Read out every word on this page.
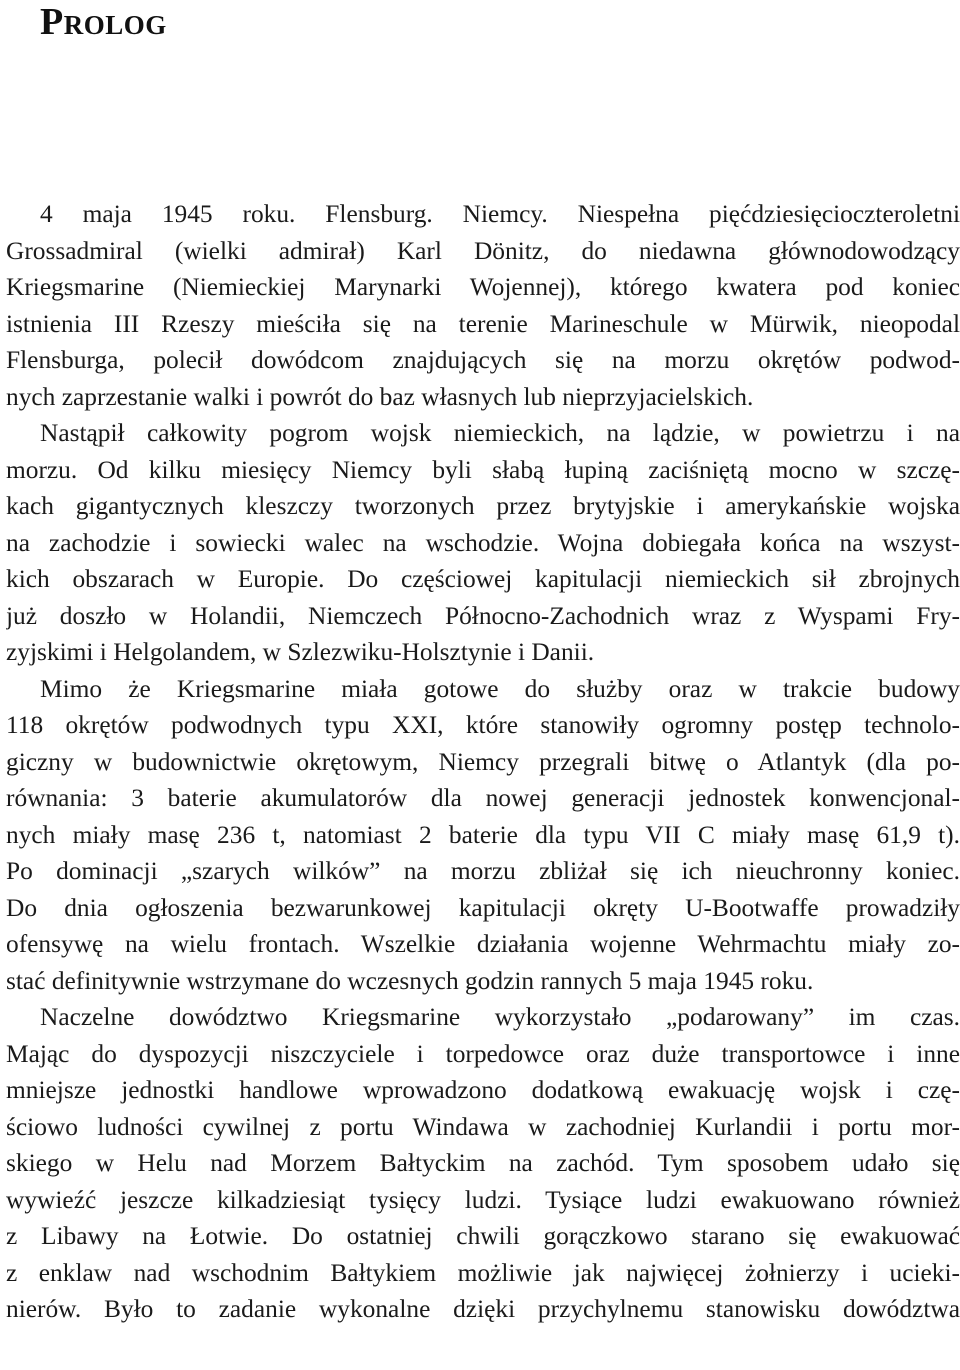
Prolog

4 maja 1945 roku. Flensburg. Niemcy. Niespełna pięćdziesięcioczteroletni
Grossadmiral (wielki admirał) Karl Dönitz, do niedawna głównodowodzący
Kriegsmarine (Niemieckiej Marynarki Wojennej), którego kwatera pod koniec
istnienia III Rzeszy mieściła się na terenie Marineschule w Mürwik, nieopodal
Flensburga, polecił dowódcom znajdujących się na morzu okrętów podwod-
nych zaprzestanie walki i powrót do baz własnych lub nieprzyjacielskich.

Nastąpił całkowity pogrom wojsk niemieckich, na lądzie, w powietrzu i na
morzu. Od kilku miesięcy Niemcy byli słabą łupiną zaciśniętą mocno w szczę-
kach gigantycznych kleszczy tworzonych przez brytyjskie i amerykańskie wojska
na zachodzie i sowiecki walec na wschodzie. Wojna dobiegała końca na wszyst-
kich obszarach w Europie. Do częściowej kapitulacji niemieckich sił zbrojnych
już doszło w Holandii, Niemczech Północno-Zachodnich wraz z Wyspami Fry-
zyjskimi i Helgolandem, w Szlezwiku-Holsztynie i Danii.

Mimo że Kriegsmarine miała gotowe do służby oraz w trakcie budowy
118 okrętów podwodnych typu XXI, które stanowiły ogromny postęp technolo-
giczny w budownictwie okrętowym, Niemcy przegrali bitwę o Atlantyk (dla po-
równania: 3 baterie akumulatorów dla nowej generacji jednostek konwencjonal-
nych miały masę 236 t, natomiast 2 baterie dla typu VII C miały masę 61,9 t).
Po dominacji „szarych wilków” na morzu zbliżał się ich nieuchronny koniec.
Do dnia ogłoszenia bezwarunkowej kapitulacji okręty U-Bootwaffe prowadziły
ofensywę na wielu frontach. Wszelkie działania wojenne Wehrmachtu miały zo-
stać definitywnie wstrzymane do wczesnych godzin rannych 5 maja 1945 roku.

Naczelne dowództwo Kriegsmarine wykorzystało „podarowany” im czas.
Mając do dyspozycji niszczyciele i torpedowce oraz duże transportowce i inne
mniejsze jednostki handlowe wprowadzono dodatkową ewakuację wojsk i czę-
ściowo ludności cywilnej z portu Windawa w zachodniej Kurlandii i portu mor-
skiego w Helu nad Morzem Bałtyckim na zachód. Tym sposobem udało się
wywieźć jeszcze kilkadziesiąt tysięcy ludzi. Tysiące ludzi ewakuowano również
z Libawy na Łotwie. Do ostatniej chwili gorączkowo starano się ewakuować
z enklaw nad wschodnim Bałtykiem możliwie jak najwięcej żołnierzy i ucieki-
nierów. Było to zadanie wykonalne dzięki przychylnemu stanowisku dowództwa
